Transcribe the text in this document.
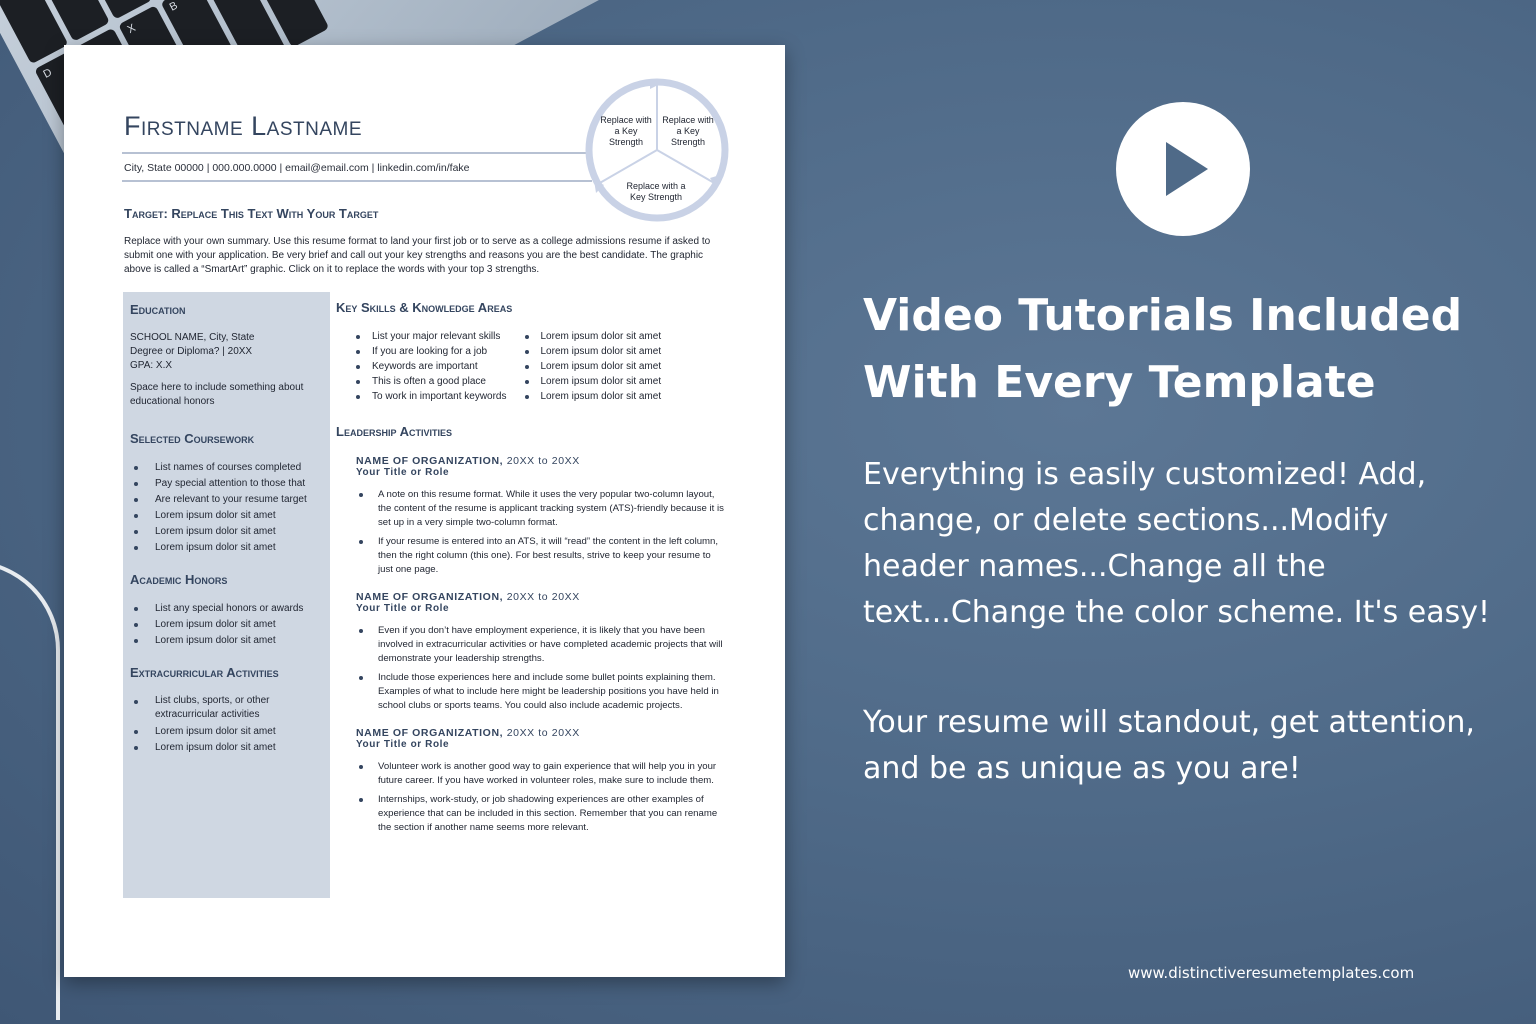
D
X
B
Firstname Lastname
City, State 00000 | 000.000.0000 | email@email.com | linkedin.com/in/fake
Replace with a Key Strength
Replace with a Key Strength
Replace with a Key Strength
Target: Replace This Text With Your Target
Replace with your own summary. Use this resume format to land your first job or to serve as a college admissions resume if asked to submit one with your application. Be very brief and call out your key strengths and reasons you are the best candidate. The graphic above is called a “SmartArt” graphic. Click on it to replace the words with your top 3 strengths.
Education
SCHOOL NAME, City, State
Degree or Diploma? | 20XX
GPA: X.X
Space here to include something about educational honors
Selected Coursework
List names of courses completed
Pay special attention to those that
Are relevant to your resume target
Lorem ipsum dolor sit amet
Lorem ipsum dolor sit amet
Lorem ipsum dolor sit amet
Academic Honors
List any special honors or awards
Lorem ipsum dolor sit amet
Lorem ipsum dolor sit amet
Extracurricular Activities
List clubs, sports, or other extracurricular activities
Lorem ipsum dolor sit amet
Lorem ipsum dolor sit amet
Key Skills & Knowledge Areas
List your major relevant skills
If you are looking for a job
Keywords are important
This is often a good place
To work in important keywords
Lorem ipsum dolor sit amet
Lorem ipsum dolor sit amet
Lorem ipsum dolor sit amet
Lorem ipsum dolor sit amet
Lorem ipsum dolor sit amet
Leadership Activities
NAME OF ORGANIZATION, 20XX to 20XX
Your Title or Role
A note on this resume format. While it uses the very popular two-column layout, the content of the resume is applicant tracking system (ATS)-friendly because it is set up in a very simple two-column format.
If your resume is entered into an ATS, it will “read” the content in the left column, then the right column (this one). For best results, strive to keep your resume to just one page.
NAME OF ORGANIZATION, 20XX to 20XX
Your Title or Role
Even if you don’t have employment experience, it is likely that you have been involved in extracurricular activities or have completed academic projects that will demonstrate your leadership strengths.
Include those experiences here and include some bullet points explaining them. Examples of what to include here might be leadership positions you have held in school clubs or sports teams. You could also include academic projects.
NAME OF ORGANIZATION, 20XX to 20XX
Your Title or Role
Volunteer work is another good way to gain experience that will help you in your future career. If you have worked in volunteer roles, make sure to include them.
Internships, work-study, or job shadowing experiences are other examples of experience that can be included in this section. Remember that you can rename the section if another name seems more relevant.
Video Tutorials Included With Every Template
Everything is easily customized! Add, change, or delete sections...Modify header names...Change all the text...Change the color scheme. It's easy!
Your resume will standout, get attention, and be as unique as you are!
www.distinctiveresumetemplates.com
